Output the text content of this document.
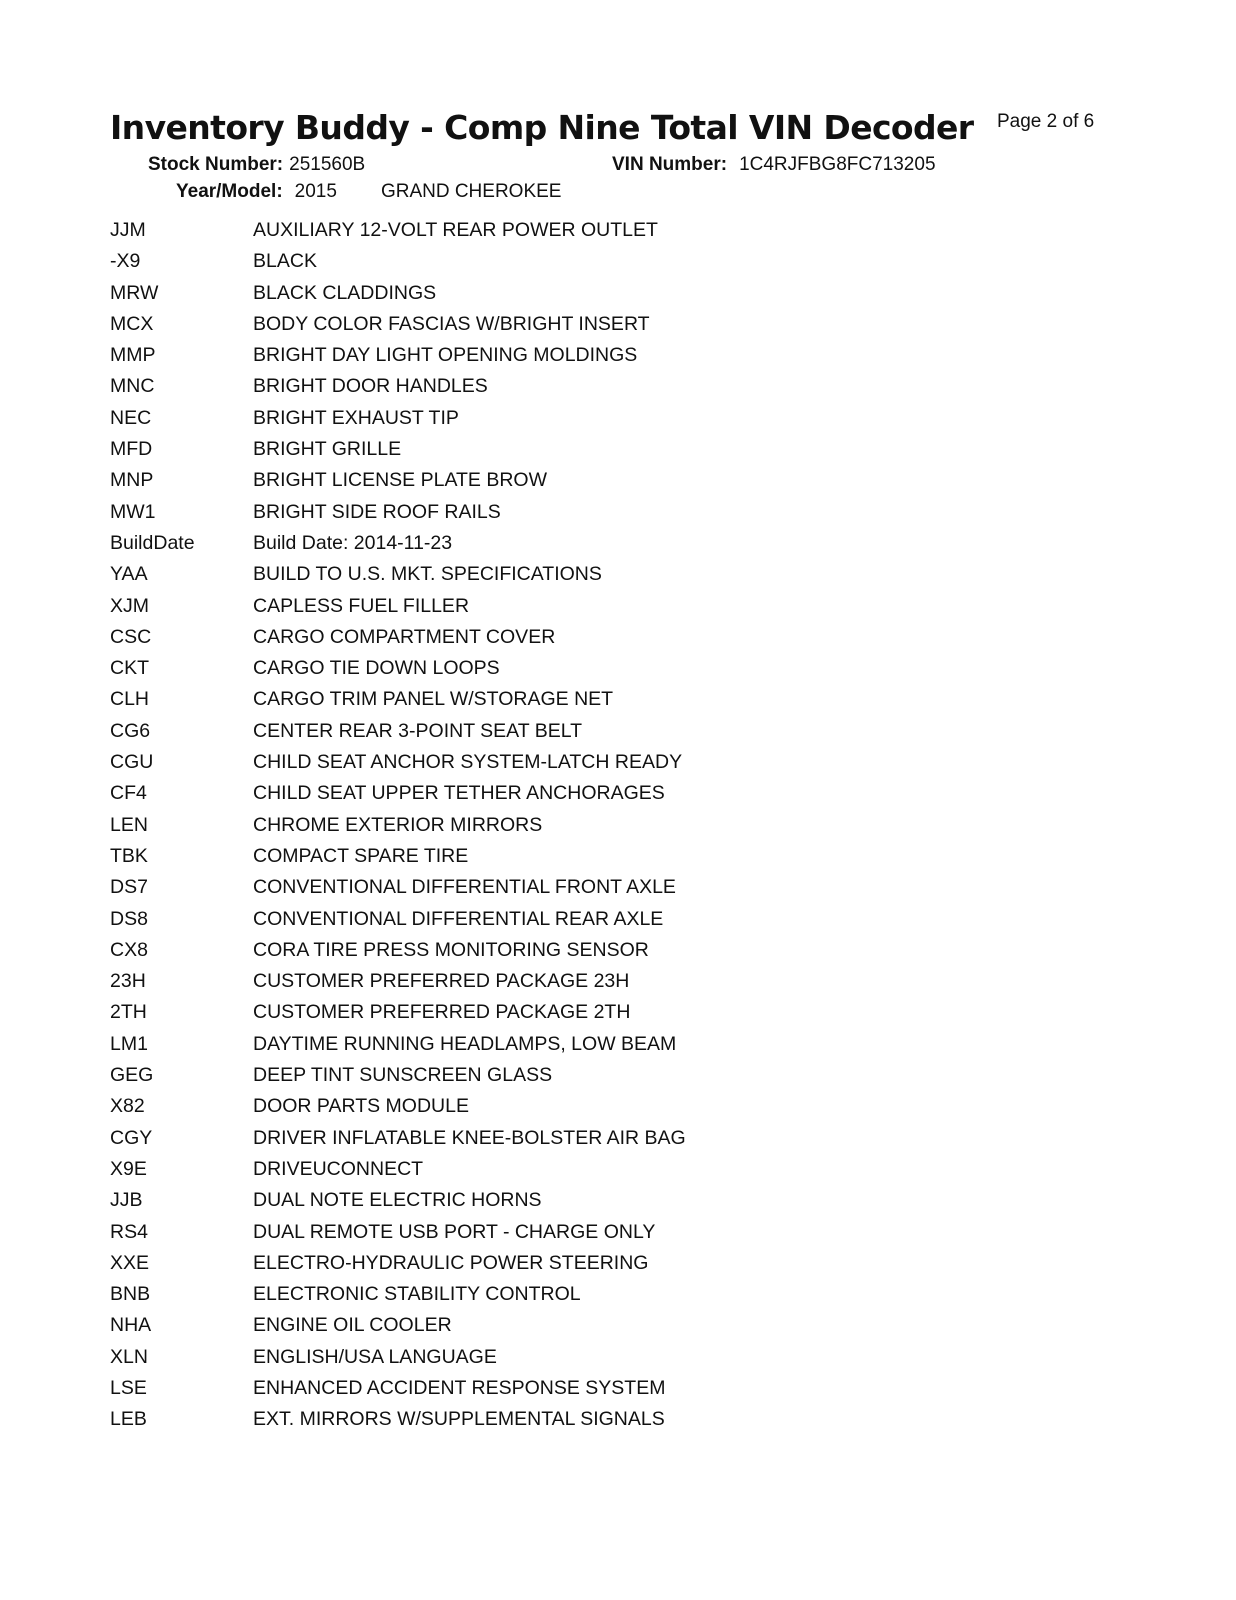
Inventory Buddy - Comp Nine Total VIN Decoder Page 2 of 6
Stock Number: 251560B	VIN Number: 1C4RJFBG8FC713205
Year/Model: 2015 GRAND CHEROKEE
JJM	AUXILIARY 12-VOLT REAR POWER OUTLET
-X9	BLACK
MRW	BLACK CLADDINGS
MCX	BODY COLOR FASCIAS W/BRIGHT INSERT
MMP	BRIGHT DAY LIGHT OPENING MOLDINGS
MNC	BRIGHT DOOR HANDLES
NEC	BRIGHT EXHAUST TIP
MFD	BRIGHT GRILLE
MNP	BRIGHT LICENSE PLATE BROW
MW1	BRIGHT SIDE ROOF RAILS
BuildDate	Build Date: 2014-11-23
YAA	BUILD TO U.S. MKT. SPECIFICATIONS
XJM	CAPLESS FUEL FILLER
CSC	CARGO COMPARTMENT COVER
CKT	CARGO TIE DOWN LOOPS
CLH	CARGO TRIM PANEL W/STORAGE NET
CG6	CENTER REAR 3-POINT SEAT BELT
CGU	CHILD SEAT ANCHOR SYSTEM-LATCH READY
CF4	CHILD SEAT UPPER TETHER ANCHORAGES
LEN	CHROME EXTERIOR MIRRORS
TBK	COMPACT SPARE TIRE
DS7	CONVENTIONAL DIFFERENTIAL FRONT AXLE
DS8	CONVENTIONAL DIFFERENTIAL REAR AXLE
CX8	CORA TIRE PRESS MONITORING SENSOR
23H	CUSTOMER PREFERRED PACKAGE 23H
2TH	CUSTOMER PREFERRED PACKAGE 2TH
LM1	DAYTIME RUNNING HEADLAMPS, LOW BEAM
GEG	DEEP TINT SUNSCREEN GLASS
X82	DOOR PARTS MODULE
CGY	DRIVER INFLATABLE KNEE-BOLSTER AIR BAG
X9E	DRIVEUCONNECT
JJB	DUAL NOTE ELECTRIC HORNS
RS4	DUAL REMOTE USB PORT - CHARGE ONLY
XXE	ELECTRO-HYDRAULIC POWER STEERING
BNB	ELECTRONIC STABILITY CONTROL
NHA	ENGINE OIL COOLER
XLN	ENGLISH/USA LANGUAGE
LSE	ENHANCED ACCIDENT RESPONSE SYSTEM
LEB	EXT. MIRRORS W/SUPPLEMENTAL SIGNALS
